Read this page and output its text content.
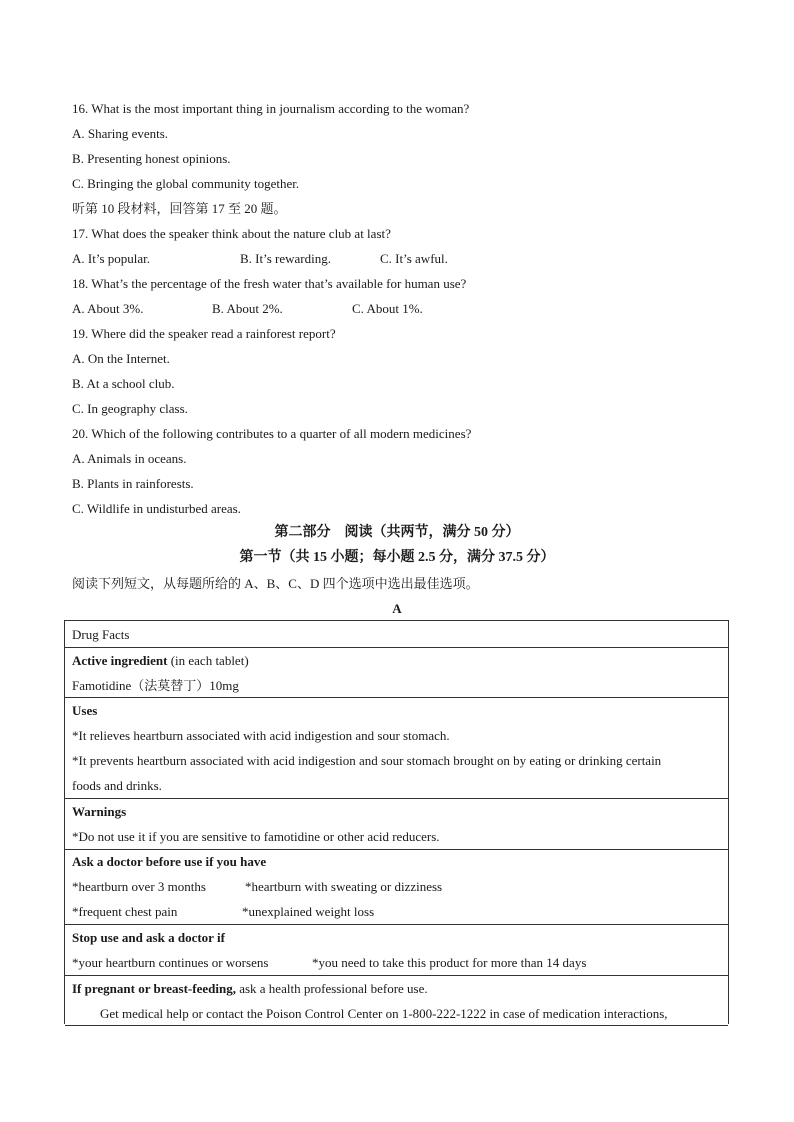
16. What is the most important thing in journalism according to the woman?
A. Sharing events.
B. Presenting honest opinions.
C. Bringing the global community together.
听第 10 段材料，回答第 17 至 20 题。
17. What does the speaker think about the nature club at last?
A. It’s popular.	B. It’s rewarding.	C. It’s awful.
18. What’s the percentage of the fresh water that’s available for human use?
A. About 3%.	B. About 2%.	C. About 1%.
19. Where did the speaker read a rainforest report?
A. On the Internet.
B. At a school club.
C. In geography class.
20. Which of the following contributes to a quarter of all modern medicines?
A. Animals in oceans.
B. Plants in rainforests.
C. Wildlife in undisturbed areas.
第二部分　阅读（共两节，满分 50 分）
第一节（共 15 小题；每小题 2.5 分，满分 37.5 分）
阅读下列短文，从每题所给的 A、B、C、D 四个选项中选出最佳选项。
A
Drug Facts
Active ingredient (in each tablet)
Famotidine（法莫替丁）10mg
Uses
*It relieves heartburn associated with acid indigestion and sour stomach.
*It prevents heartburn associated with acid indigestion and sour stomach brought on by eating or drinking certain
foods and drinks.
Warnings
*Do not use it if you are sensitive to famotidine or other acid reducers.
Ask a doctor before use if you have
*heartburn over 3 months	*heartburn with sweating or dizziness
*frequent chest pain	*unexplained weight loss
Stop use and ask a doctor if
*your heartburn continues or worsens	*you need to take this product for more than 14 days
If pregnant or breast-feeding, ask a health professional before use.
Get medical help or contact the Poison Control Center on 1-800-222-1222 in case of medication interactions,
